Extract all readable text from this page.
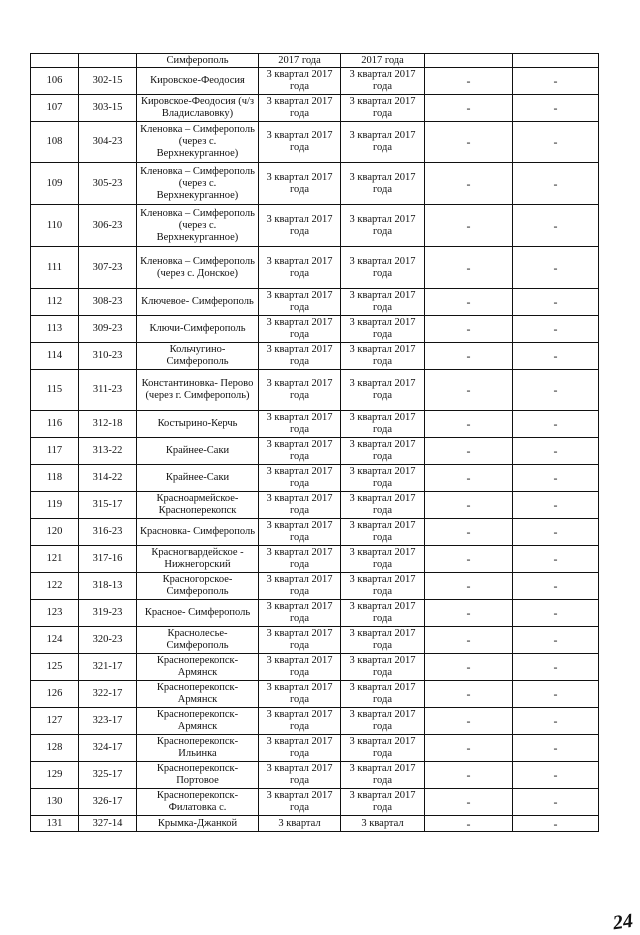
		Симферополь	2017 года	2017 года		
106	302-15	Кировское-Феодосия	3 квартал 2017 года	3 квартал 2017 года	-	-
107	303-15	Кировское-Феодосия (ч/з Владиславовку)	3 квартал 2017 года	3 квартал 2017 года	-	-
108	304-23	Кленовка – Симферополь (через с. Верхнекурганное)	3 квартал 2017 года	3 квартал 2017 года	-	-
109	305-23	Кленовка – Симферополь (через с. Верхнекурганное)	3 квартал 2017 года	3 квартал 2017 года	-	-
110	306-23	Кленовка – Симферополь (через с. Верхнекурганное)	3 квартал 2017 года	3 квартал 2017 года	-	-
111	307-23	Кленовка – Симферополь (через с. Донское)	3 квартал 2017 года	3 квартал 2017 года	-	-
112	308-23	Ключевое- Симферополь	3 квартал 2017 года	3 квартал 2017 года	-	-
113	309-23	Ключи-Симферополь	3 квартал 2017 года	3 квартал 2017 года	-	-
114	310-23	Кольчугино- Симферополь	3 квартал 2017 года	3 квартал 2017 года	-	-
115	311-23	Константиновка- Перово (через г. Симферополь)	3 квартал 2017 года	3 квартал 2017 года	-	-
116	312-18	Костырино-Керчь	3 квартал 2017 года	3 квартал 2017 года	-	-
117	313-22	Крайнее-Саки	3 квартал 2017 года	3 квартал 2017 года	-	-
118	314-22	Крайнее-Саки	3 квартал 2017 года	3 квартал 2017 года	-	-
119	315-17	Красноармейское- Красноперекопск	3 квартал 2017 года	3 квартал 2017 года	-	-
120	316-23	Красновка- Симферополь	3 квартал 2017 года	3 квартал 2017 года	-	-
121	317-16	Красногвардейское - Нижнегорский	3 квартал 2017 года	3 квартал 2017 года	-	-
122	318-13	Красногорское- Симферополь	3 квартал 2017 года	3 квартал 2017 года	-	-
123	319-23	Красное- Симферополь	3 квартал 2017 года	3 квартал 2017 года	-	-
124	320-23	Краснолесье- Симферополь	3 квартал 2017 года	3 квартал 2017 года	-	-
125	321-17	Красноперекопск- Армянск	3 квартал 2017 года	3 квартал 2017 года	-	-
126	322-17	Красноперекопск- Армянск	3 квартал 2017 года	3 квартал 2017 года	-	-
127	323-17	Красноперекопск- Армянск	3 квартал 2017 года	3 квартал 2017 года	-	-
128	324-17	Красноперекопск- Ильинка	3 квартал 2017 года	3 квартал 2017 года	-	-
129	325-17	Красноперекопск- Портовое	3 квартал 2017 года	3 квартал 2017 года	-	-
130	326-17	Красноперекопск- Филатовка с.	3 квартал 2017 года	3 квартал 2017 года	-	-
131	327-14	Крымка-Джанкой	3 квартал	3 квартал	-	-
24
